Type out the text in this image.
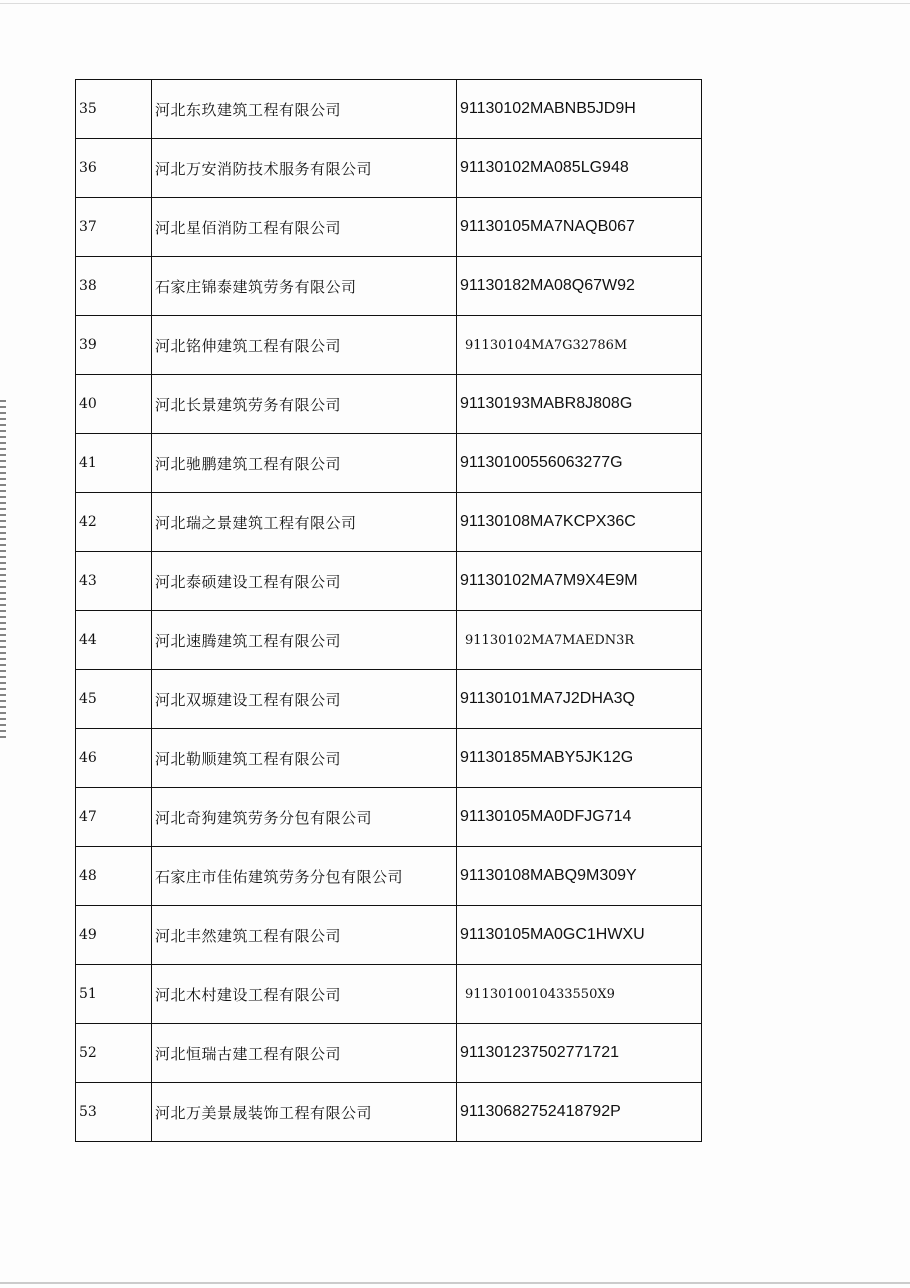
35	河北东玖建筑工程有限公司	91130102MABNB5JD9H
36	河北万安消防技术服务有限公司	91130102MA085LG948
37	河北星佰消防工程有限公司	91130105MA7NAQB067
38	石家庄锦泰建筑劳务有限公司	91130182MA08Q67W92
39	河北铭伸建筑工程有限公司	91130104MA7G32786M
40	河北长景建筑劳务有限公司	91130193MABR8J808G
41	河北驰鹏建筑工程有限公司	91130100556063277G
42	河北瑞之景建筑工程有限公司	91130108MA7KCPX36C
43	河北泰硕建设工程有限公司	91130102MA7M9X4E9M
44	河北速腾建筑工程有限公司	91130102MA7MAEDN3R
45	河北双塬建设工程有限公司	91130101MA7J2DHA3Q
46	河北勒顺建筑工程有限公司	91130185MABY5JK12G
47	河北奇狗建筑劳务分包有限公司	91130105MA0DFJG714
48	石家庄市佳佑建筑劳务分包有限公司	91130108MABQ9M309Y
49	河北丰然建筑工程有限公司	91130105MA0GC1HWXU
51	河北木村建设工程有限公司	9113010010433550X9
52	河北恒瑞古建工程有限公司	911301237502771721
53	河北万美景晟装饰工程有限公司	91130682752418792P
